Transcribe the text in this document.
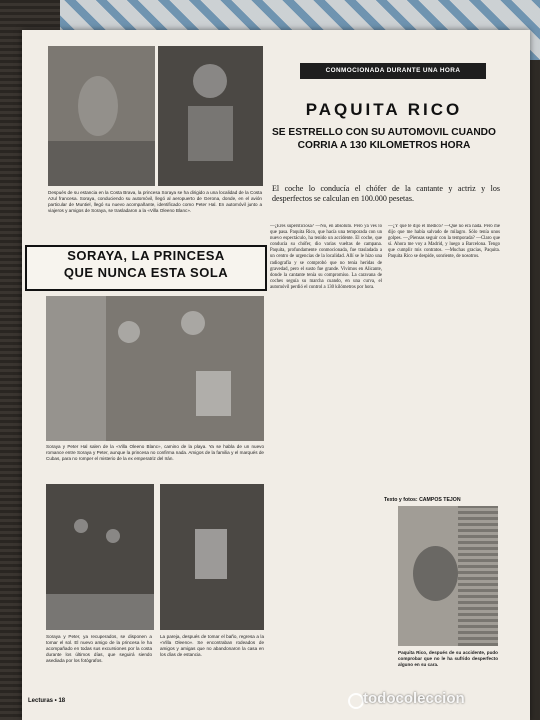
Después de su estancia en la Costa Brava, la princesa Soraya se ha dirigido a una localidad de la Costa Azul francesa. Soraya, conduciendo su automóvil, llegó al aeropuerto de Gerona, donde, en el avión particular de Muntiel, llegó su nuevo acompañante, identificado como Peter Hal. En automóvil junto a viajeros y amigos de Soraya, se trasladaron a la «Villa Oleeno Blanc».
SORAYA, LA PRINCESA
QUE NUNCA ESTA SOLA
Soraya y Peter Hal salen de la «Villa Oleeno Blanc», camino de la playa. Ya se habla de un nuevo romance entre Soraya y Peter, aunque la princesa no confirma nada. Amigos de la familia y el marqués de Cubas, para no romper el misterio de la ex emperatriz del Irán.
Soraya y Peter, ya recuperados, se disponen a tomar el sol. El nuevo amigo de la princesa le ha acompañado en todas sus excursiones por la costa durante los últimos días, que seguirá siendo asediada por los fotógrafos.
La pareja, después de tomar el baño, regresa a la «Villa Oleeno». Se encontraban rodeados de amigos y amigas que no abandonaron la casa en los días de estancia.
CONMOCIONADA DURANTE UNA HORA
PAQUITA RICO
SE ESTRELLO CON SU AUTOMOVIL CUANDO CORRIA A 130 KILOMETROS HORA
El coche lo conducía el chófer de la cantante y actriz y los desperfectos se calculan en 100.000 pesetas.
—¿Eres supersticiosa? —No, en absoluto. Pero ya ves lo que pasa. Paquita Rico, que hacía una temporada con un nuevo espectáculo, ha tenido un accidente. El coche, que conducía su chófer, dio varias vueltas de campana. Paquita, profundamente conmocionada, fue trasladada a un centro de urgencias de la localidad. Allí se le hizo una radiografía y se comprobó que no tenía heridas de gravedad, pero el susto fue grande. Vivimos en Alicante, donde la cantante tenía su compromiso. La caravana de coches seguía su marcha cuando, en una curva, el automóvil perdió el control a 130 kilómetros por hora.
—¿Y qué te dijo el médico? —Que no era nada. Pero me dijo que me había salvado de milagro. Sólo tenía unos golpes. —¿Piensas seguir con la temporada? —Claro que sí. Ahora me voy a Madrid, y luego a Barcelona. Tengo que cumplir mis contratos. —Muchas gracias, Paquita. Paquita Rico se despide, sonriente, de nosotros.
Texto y fotos: CAMPOS TEJON
Paquita Rico, después de su accidente, pudo comprobar que no le ha sufrido desperfecto alguno en su cara.
Lecturas • 18	todocoleccion
